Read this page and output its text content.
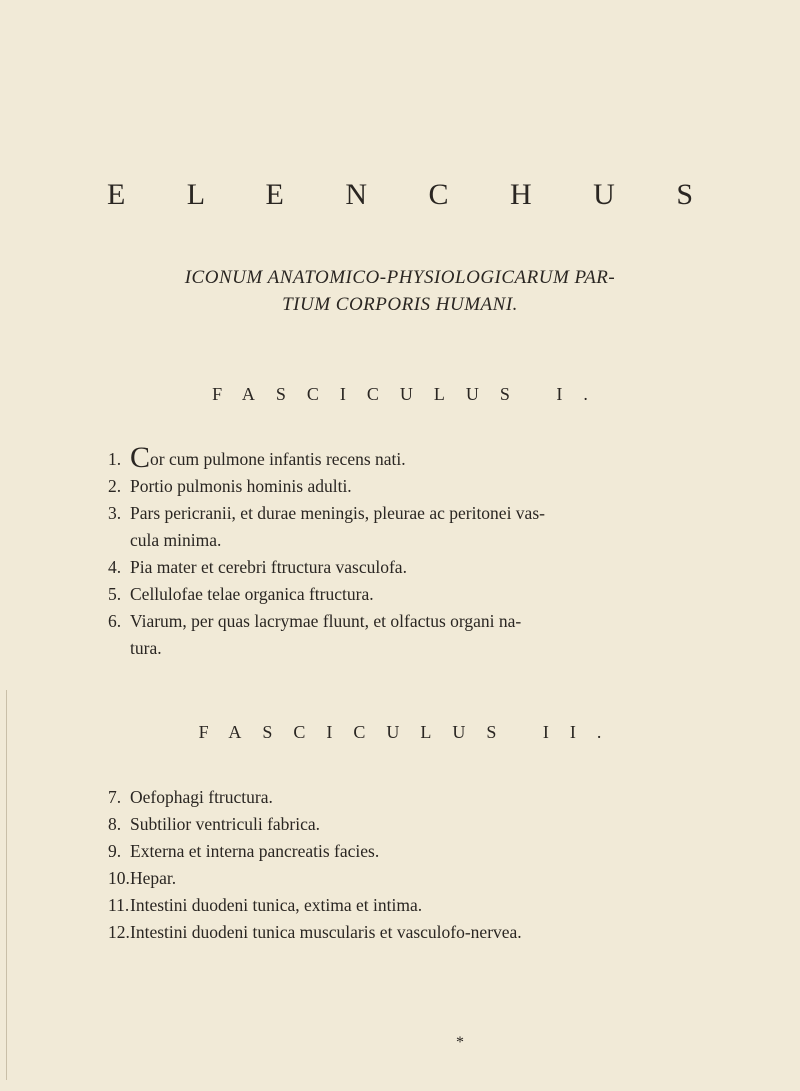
E L E N C H U S
ICONUM ANATOMICO-PHYSIOLOGICARUM PAR-
TIUM CORPORIS HUMANI.
FASCICULUS I.
1. Cor cum pulmone infantis recens nati.
2. Portio pulmonis hominis adulti.
3. Pars pericranii, et durae meningis, pleurae ac peritonei vas-
cula minima.
4. Pia mater et cerebri ftructura vasculofa.
5. Cellulofae telae organica ftructura.
6. Viarum, per quas lacrymae fluunt, et olfactus organi na-
tura.
FASCICULUS II.
7. Oefophagi ftructura.
8. Subtilior ventriculi fabrica.
9. Externa et interna pancreatis facies.
10. Hepar.
11. Intestini duodeni tunica, extima et intima.
12. Intestini duodeni tunica muscularis et vasculofo-nervea.
*
